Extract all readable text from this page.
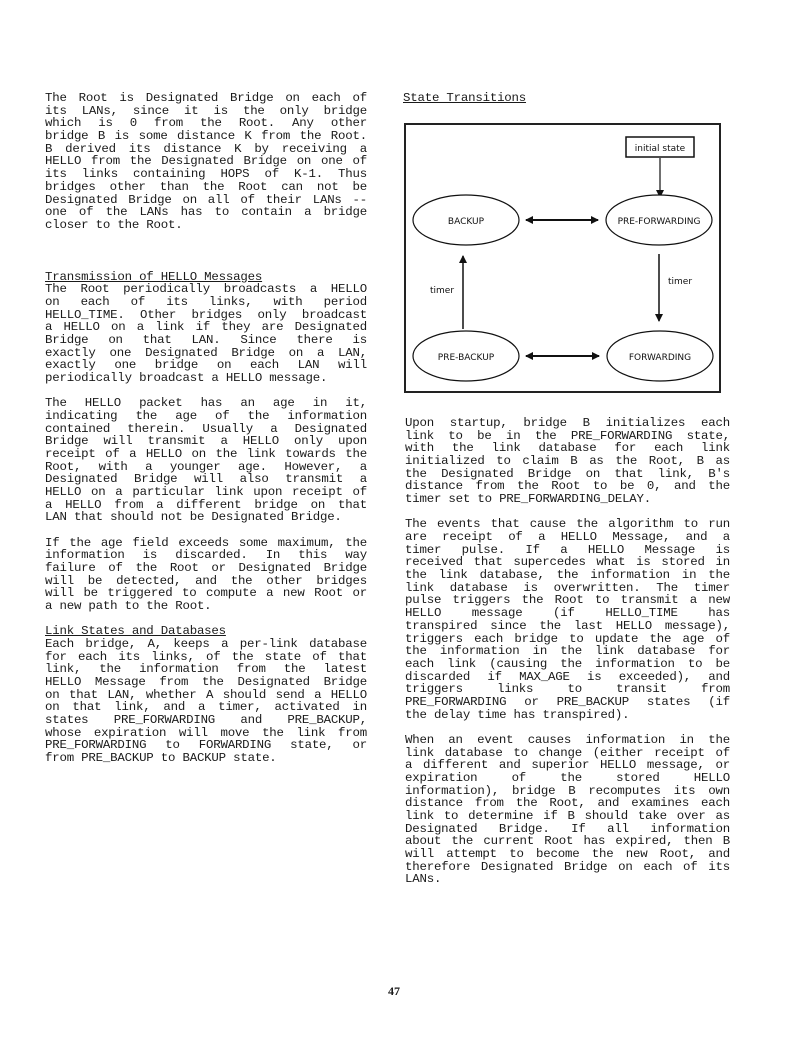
The Root is Designated Bridge on each of
its LANs, since it is the only bridge
which is 0 from the Root. Any other
bridge B is some distance K from the Root.
B derived its distance K by receiving a
HELLO from the Designated Bridge on one of
its links containing HOPS of K-1. Thus
bridges other than the Root can not be
Designated Bridge on all of their LANs --
one of the LANs has to contain a bridge
closer to the Root.
Transmission of HELLO Messages
The Root periodically broadcasts a HELLO
on each of its links, with period
HELLO_TIME. Other bridges only broadcast
a HELLO on a link if they are Designated
Bridge on that LAN. Since there is
exactly one Designated Bridge on a LAN,
exactly one bridge on each LAN will
periodically broadcast a HELLO message.
The HELLO packet has an age in it,
indicating the age of the information
contained therein. Usually a Designated
Bridge will transmit a HELLO only upon
receipt of a HELLO on the link towards the
Root, with a younger age. However, a
Designated Bridge will also transmit a
HELLO on a particular link upon receipt of
a HELLO from a different bridge on that
LAN that should not be Designated Bridge.
If the age field exceeds some maximum, the
information is discarded. In this way
failure of the Root or Designated Bridge
will be detected, and the other bridges
will be triggered to compute a new Root or
a new path to the Root.
Link States and Databases
Each bridge, A, keeps a per-link database
for each its links, of the state of that
link, the information from the latest
HELLO Message from the Designated Bridge
on that LAN, whether A should send a HELLO
on that link, and a timer, activated in
states PRE_FORWARDING and PRE_BACKUP,
whose expiration will move the link from
PRE_FORWARDING to FORWARDING state, or
from PRE_BACKUP to BACKUP state.
State Transitions
initial state
BACKUP	PRE-FORWARDING
PRE-BACKUP	FORWARDING
timer
timer
Upon startup, bridge B initializes each
link to be in the PRE_FORWARDING state,
with the link database for each link
initialized to claim B as the Root, B as
the Designated Bridge on that link, B's
distance from the Root to be 0, and the
timer set to PRE_FORWARDING_DELAY.
The events that cause the algorithm to run
are receipt of a HELLO Message, and a
timer pulse. If a HELLO Message is
received that supercedes what is stored in
the link database, the information in the
link database is overwritten. The timer
pulse triggers the Root to transmit a new
HELLO message (if HELLO_TIME has
transpired since the last HELLO message),
triggers each bridge to update the age of
the information in the link database for
each link (causing the information to be
discarded if MAX_AGE is exceeded), and
triggers links to transit from
PRE_FORWARDING or PRE_BACKUP states (if
the delay time has transpired).
When an event causes information in the
link database to change (either receipt of
a different and superior HELLO message, or
expiration of the stored HELLO
information), bridge B recomputes its own
distance from the Root, and examines each
link to determine if B should take over as
Designated Bridge. If all information
about the current Root has expired, then B
will attempt to become the new Root, and
therefore Designated Bridge on each of its
LANs.
47
